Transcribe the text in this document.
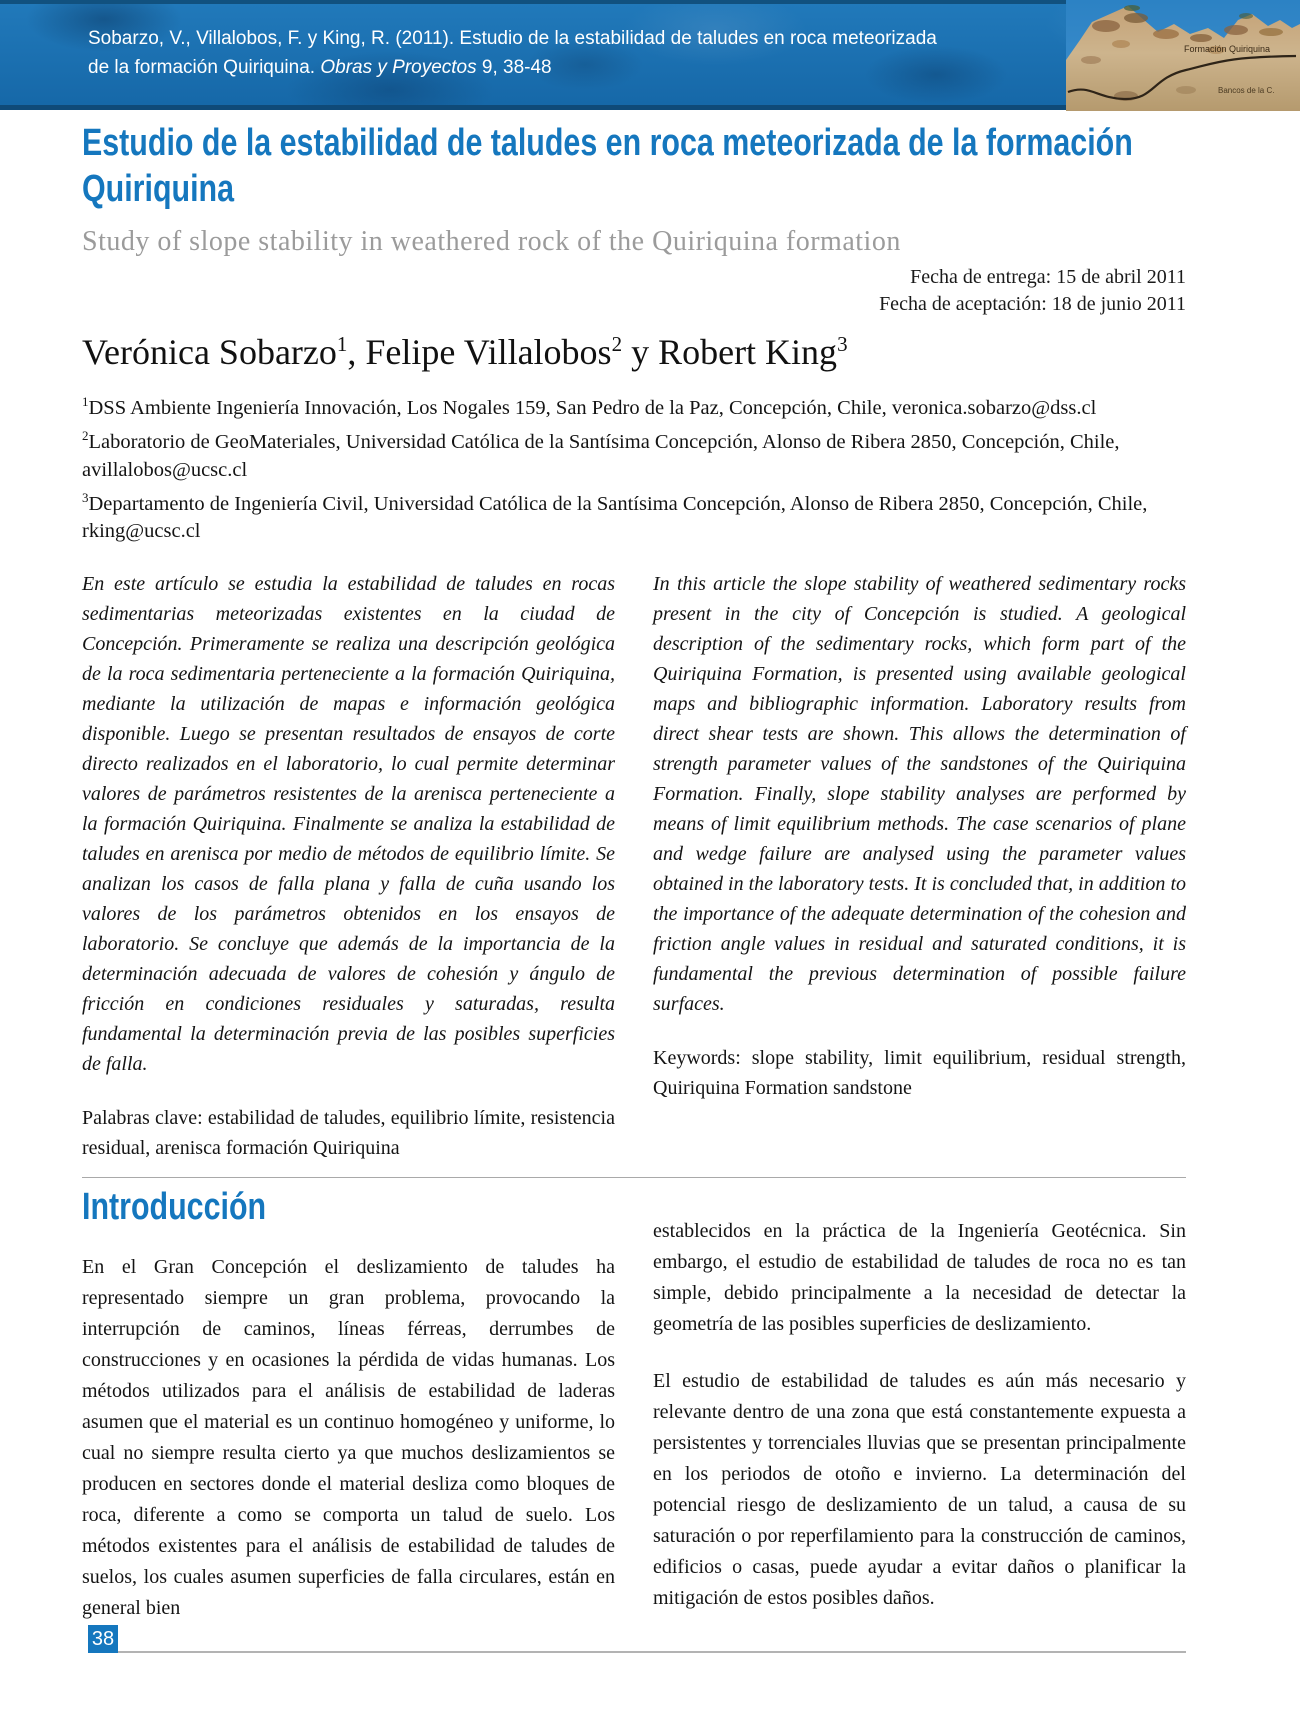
Sobarzo, V., Villalobos, F. y King, R. (2011). Estudio de la estabilidad de taludes en roca meteorizada
de la formación Quiriquina. Obras y Proyectos 9, 38-48
Formación Quiriquina
Bancos de la C.
Estudio de la estabilidad de taludes en roca meteorizada de la formación
Quiriquina
Study of slope stability in weathered rock of the Quiriquina formation
Fecha de entrega: 15 de abril 2011
Fecha de aceptación: 18 de junio 2011
Verónica Sobarzo$^1$, Felipe Villalobos$^2$ y Robert King$^3$

$^1$DSS Ambiente Ingeniería Innovación, Los Nogales 159, San Pedro de la Paz, Concepción, Chile, veronica.sobarzo@dss.cl

$^2$Laboratorio de GeoMateriales, Universidad Católica de la Santísima Concepción, Alonso de Ribera 2850, Concepción, Chile, avillalobos@ucsc.cl

$^3$Departamento de Ingeniería Civil, Universidad Católica de la Santísima Concepción, Alonso de Ribera 2850, Concepción, Chile, rking@ucsc.cl

En este artículo se estudia la estabilidad de taludes en rocas sedimentarias meteorizadas existentes en la ciudad de Concepción. Primeramente se realiza una descripción geológica de la roca sedimentaria perteneciente a la formación Quiriquina, mediante la utilización de mapas e información geológica disponible. Luego se presentan resultados de ensayos de corte directo realizados en el laboratorio, lo cual permite determinar valores de parámetros resistentes de la arenisca perteneciente a la formación Quiriquina. Finalmente se analiza la estabilidad de taludes en arenisca por medio de métodos de equilibrio límite. Se analizan los casos de falla plana y falla de cuña usando los valores de los parámetros obtenidos en los ensayos de laboratorio. Se concluye que además de la importancia de la determinación adecuada de valores de cohesión y ángulo de fricción en condiciones residuales y saturadas, resulta fundamental la determinación previa de las posibles superficies de falla.

Palabras clave: estabilidad de taludes, equilibrio límite, resistencia residual, arenisca formación Quiriquina

In this article the slope stability of weathered sedimentary rocks present in the city of Concepción is studied. A geological description of the sedimentary rocks, which form part of the Quiriquina Formation, is presented using available geological maps and bibliographic information. Laboratory results from direct shear tests are shown. This allows the determination of strength parameter values of the sandstones of the Quiriquina Formation. Finally, slope stability analyses are performed by means of limit equilibrium methods. The case scenarios of plane and wedge failure are analysed using the parameter values obtained in the laboratory tests. It is concluded that, in addition to the importance of the adequate determination of the cohesion and friction angle values in residual and saturated conditions, it is fundamental the previous determination of possible failure surfaces.

Keywords: slope stability, limit equilibrium, residual strength, Quiriquina Formation sandstone

Introducción

En el Gran Concepción el deslizamiento de taludes ha representado siempre un gran problema, provocando la interrupción de caminos, líneas férreas, derrumbes de construcciones y en ocasiones la pérdida de vidas humanas. Los métodos utilizados para el análisis de estabilidad de laderas asumen que el material es un continuo homogéneo y uniforme, lo cual no siempre resulta cierto ya que muchos deslizamientos se producen en sectores donde el material desliza como bloques de roca, diferente a como se comporta un talud de suelo. Los métodos existentes para el análisis de estabilidad de taludes de suelos, los cuales asumen superficies de falla circulares, están en general bien

establecidos en la práctica de la Ingeniería Geotécnica. Sin embargo, el estudio de estabilidad de taludes de roca no es tan simple, debido principalmente a la necesidad de detectar la geometría de las posibles superficies de deslizamiento.

El estudio de estabilidad de taludes es aún más necesario y relevante dentro de una zona que está constantemente expuesta a persistentes y torrenciales lluvias que se presentan principalmente en los periodos de otoño e invierno. La determinación del potencial riesgo de deslizamiento de un talud, a causa de su saturación o por reperfilamiento para la construcción de caminos, edificios o casas, puede ayudar a evitar daños o planificar la mitigación de estos posibles daños.

38
